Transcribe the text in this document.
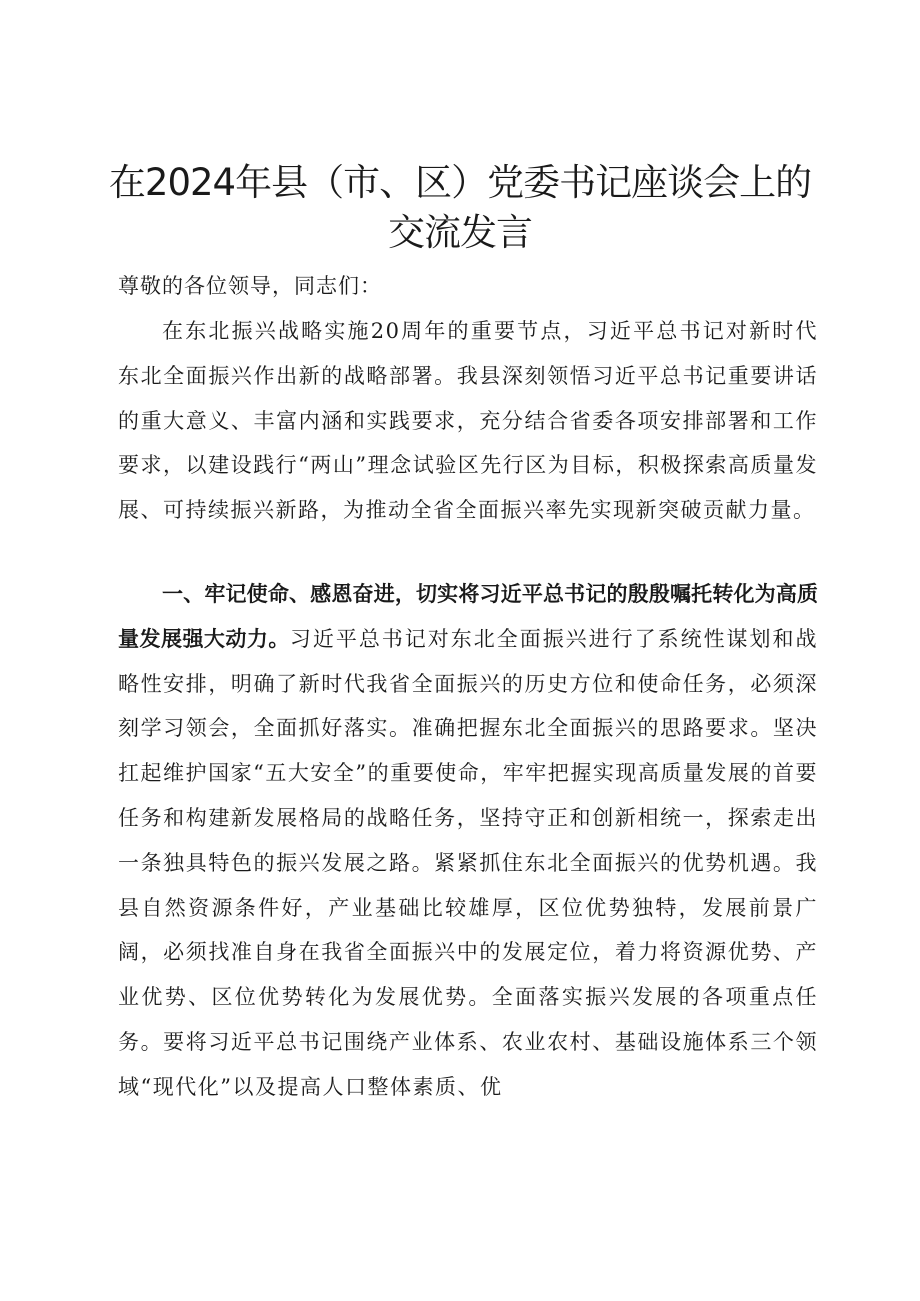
在2024年县（市、区）党委书记座谈会上的
交流发言

尊敬的各位领导，同志们：

在东北振兴战略实施20周年的重要节点，习近平总书记对新时代东北全面振兴作出新的战略部署。我县深刻领悟习近平总书记重要讲话的重大意义、丰富内涵和实践要求，充分结合省委各项安排部署和工作要求，以建设践行“两山”理念试验区先行区为目标，积极探索高质量发展、可持续振兴新路，为推动全省全面振兴率先实现新突破贡献力量。

一、牢记使命、感恩奋进，切实将习近平总书记的殷殷嘱托转化为高质量发展强大动力。习近平总书记对东北全面振兴进行了系统性谋划和战略性安排，明确了新时代我省全面振兴的历史方位和使命任务，必须深刻学习领会，全面抓好落实。准确把握东北全面振兴的思路要求。坚决扛起维护国家“五大安全”的重要使命，牢牢把握实现高质量发展的首要任务和构建新发展格局的战略任务，坚持守正和创新相统一，探索走出一条独具特色的振兴发展之路。紧紧抓住东北全面振兴的优势机遇。我县自然资源条件好，产业基础比较雄厚，区位优势独特，发展前景广阔，必须找准自身在我省全面振兴中的发展定位，着力将资源优势、产业优势、区位优势转化为发展优势。全面落实振兴发展的各项重点任务。要将习近平总书记围绕产业体系、农业农村、基础设施体系三个领域“现代化”以及提高人口整体素质、优
